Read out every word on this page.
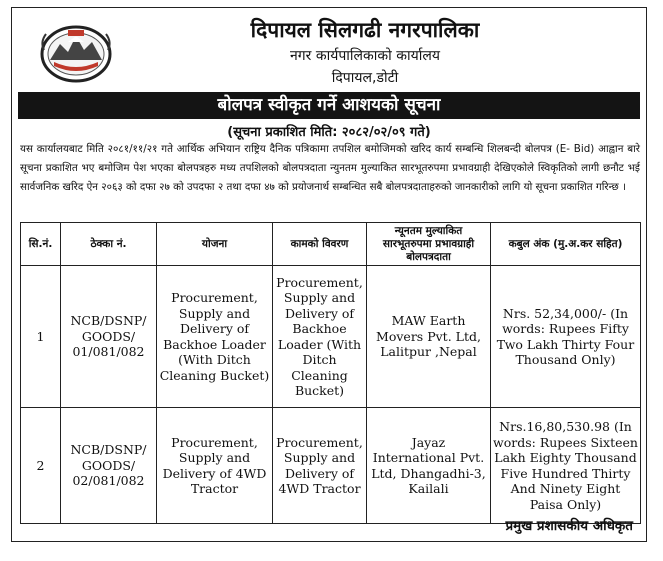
दिपायल सिलगढी नगरपालिका
नगर कार्यपालिकाको कार्यालय
दिपायल,डोटी
बोलपत्र स्वीकृत गर्ने आशयको सूचना
(सूचना प्रकाशित मिति: २०८२/०२/०९ गते)
यस कार्यालयबाट मिति २०८१/११/२१ गते आर्थिक अभियान राष्ट्रिय दैनिक पत्रिकामा तपशिल बमोजिमको खरिद कार्य सम्बन्धि शिलबन्दी बोलपत्र (E- Bid) आह्वान बारे सूचना प्रकाशित भए बमोजिम पेश भएका बोलपत्रहरु मध्य तपशिलको बोलपत्रदाता न्युनतम मुल्याकित सारभूतरुपमा प्रभावग्राही देखिएकोले स्विकृतिको लागी छनौट भई सार्वजनिक खरिद ऐन २०६३ को दफा २७ को उपदफा २ तथा दफा ४७ को प्रयोजनार्थ सम्बन्धित सबै बोलपत्रदाताहरुको जानकारीको लागि यो सूचना प्रकाशित गरिन्छ ।
सि.नं.	ठेक्का नं.	योजना	कामको विवरण	न्यूनतम मुल्याकित सारभूतरुपमा प्रभावग्राही बोलपत्रदाता	कबुल अंक (मु.अ.कर सहित)
1	NCB/DSNP/ GOODS/ 01/081/082	Procurement, Supply and Delivery of Backhoe Loader (With Ditch Cleaning Bucket)	Procurement, Supply and Delivery of Backhoe Loader (With Ditch Cleaning Bucket)	MAW Earth Movers Pvt. Ltd, Lalitpur ,Nepal	Nrs. 52,34,000/- (In words: Rupees Fifty Two Lakh Thirty Four Thousand Only)
2	NCB/DSNP/ GOODS/ 02/081/082	Procurement, Supply and Delivery of 4WD Tractor	Procurement, Supply and Delivery of 4WD Tractor	Jayaz International Pvt. Ltd, Dhangadhi-3, Kailali	Nrs.16,80,530.98 (In words: Rupees Sixteen Lakh Eighty Thousand Five Hundred Thirty And Ninety Eight Paisa Only)
प्रमुख प्रशासकीय अधिकृत
